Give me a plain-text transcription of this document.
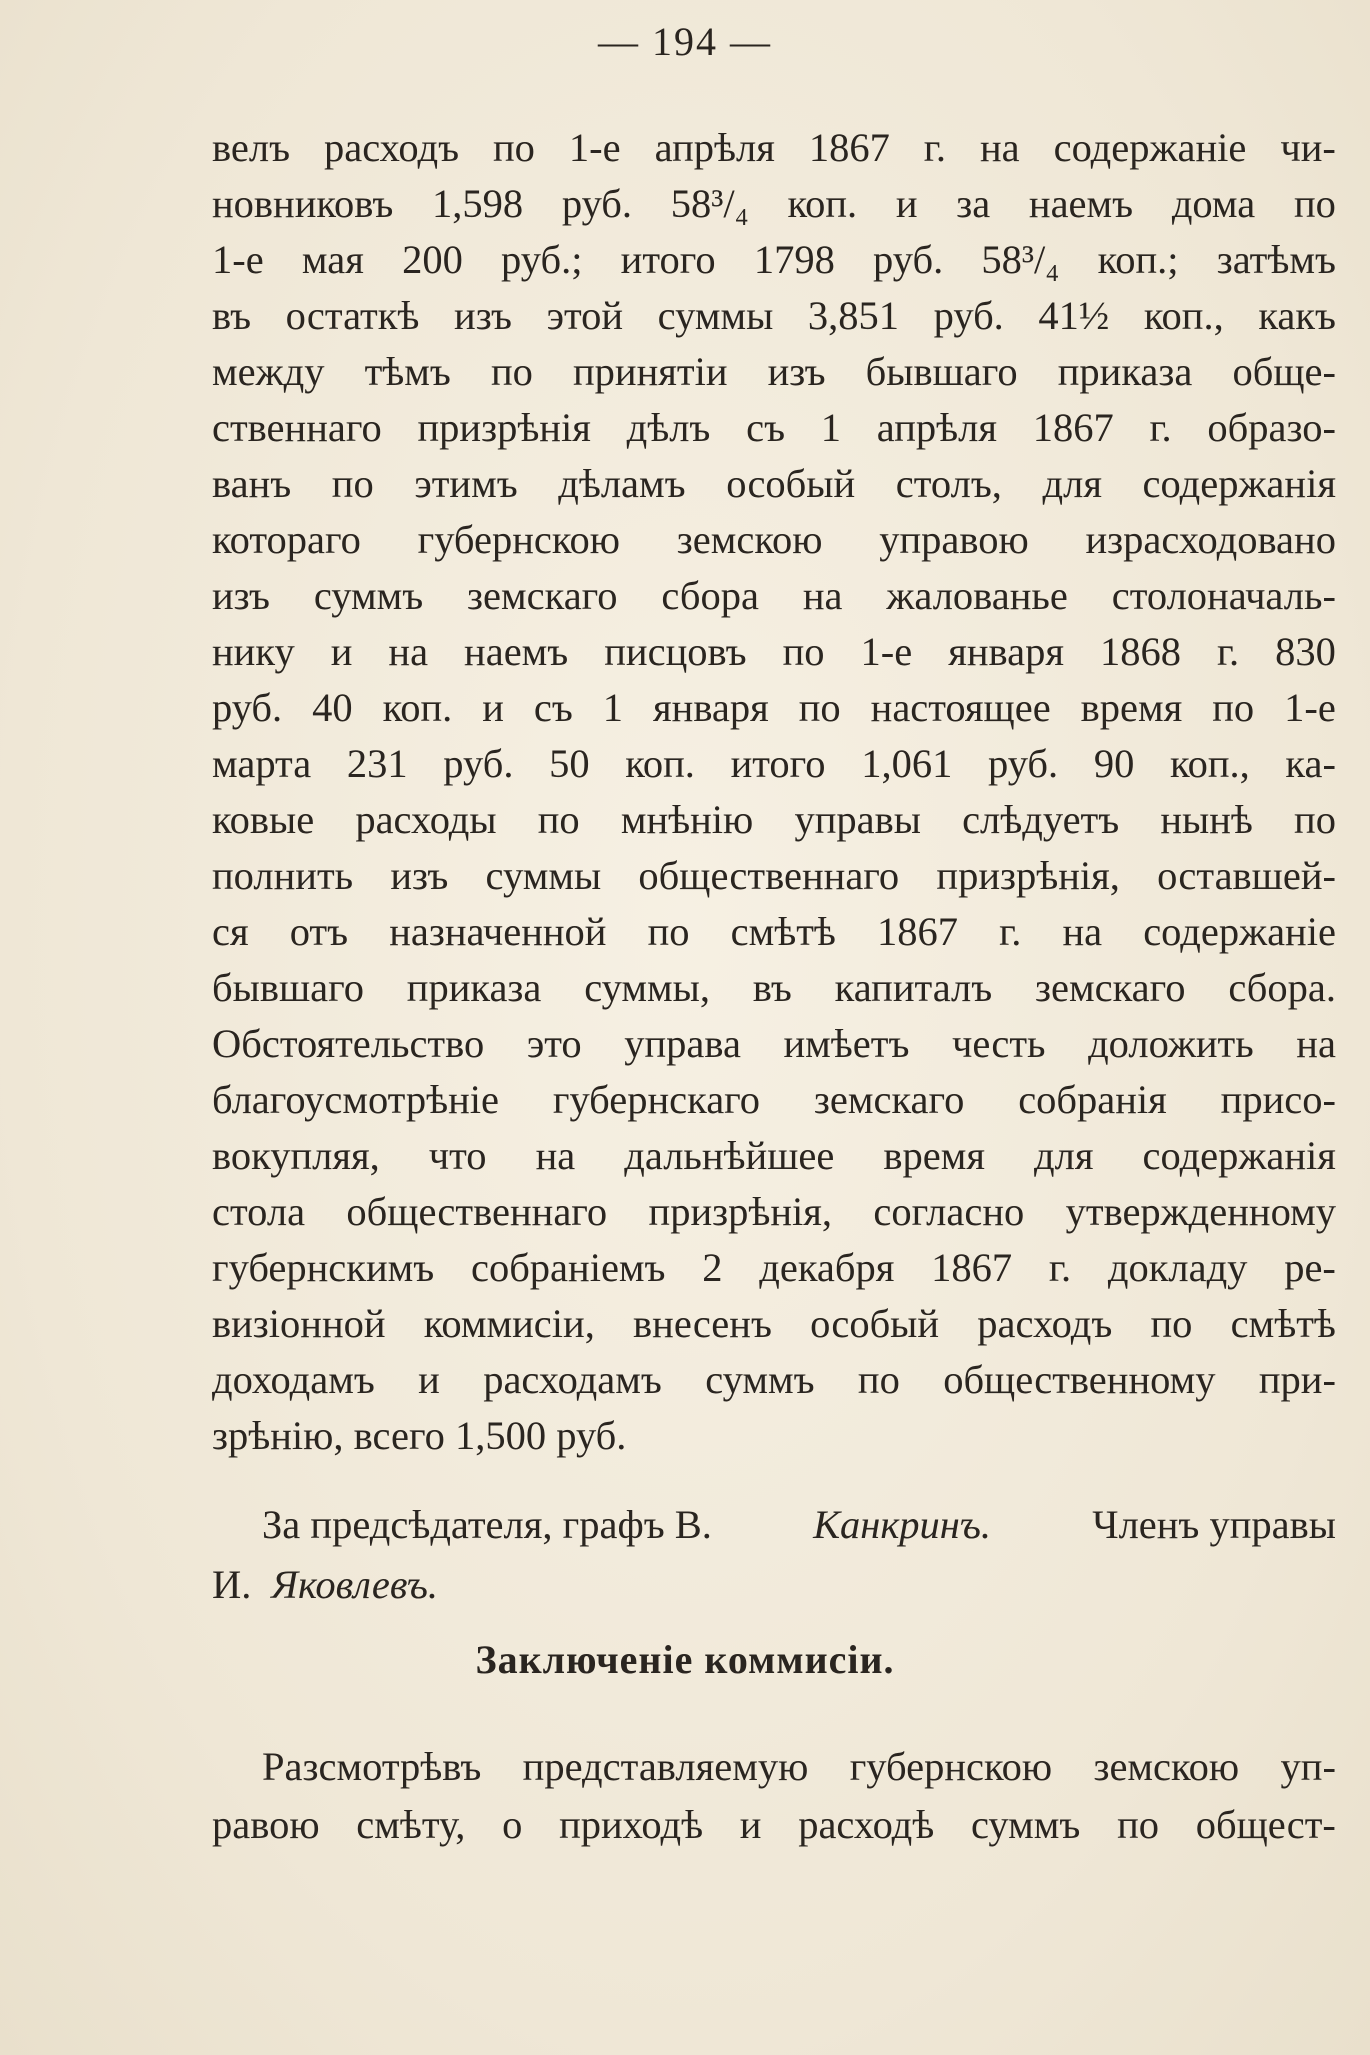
— 194 —
велъ расходъ по 1-е апрѣля 1867 г. на содержанiе чи-
новниковъ 1,598 руб. 58³/₄ коп. и за наемъ дома по
1-е мая 200 руб.; итого 1798 руб. 58³/₄ коп.; затѣмъ
въ остаткѣ изъ этой суммы 3,851 руб. 41½ коп., какъ
между тѣмъ по принятiи изъ бывшаго приказа обще-
ственнаго призрѣнiя дѣлъ съ 1 апрѣля 1867 г. образо-
ванъ по этимъ дѣламъ особый столъ, для содержанiя
котораго губернскою земскою управою израсходовано
изъ суммъ земскаго сбора на жалованье столоначаль-
нику и на наемъ писцовъ по 1-е января 1868 г. 830
руб. 40 коп. и съ 1 января по настоящее время по 1-е
марта 231 руб. 50 коп. итого 1,061 руб. 90 коп., ка-
ковые расходы по мнѣнiю управы слѣдуетъ нынѣ по
полнить изъ суммы общественнаго призрѣнiя, оставшей-
ся отъ назначенной по смѣтѣ 1867 г. на содержанiе
бывшаго приказа суммы, въ капиталъ земскаго сбора.
Обстоятельство это управа имѣетъ честь доложить на
благоусмотрѣнiе губернскаго земскаго собранiя присо-
вокупляя, что на дальнѣйшее время для содержанiя
стола общественнаго призрѣнiя, согласно утвержденному
губернскимъ собранiемъ 2 декабря 1867 г. докладу ре-
визiонной коммисiи, внесенъ особый расходъ по смѣтѣ
доходамъ и расходамъ суммъ по общественному при-
зрѣнiю, всего 1,500 руб.
За предсѣдателя, графъ В. Канкринъ. Членъ управы
И. Яковлевъ.
Заключенiе коммисiи.
Разсмотрѣвъ представляемую губернскою земскою уп-
равою смѣту, о приходѣ и расходѣ суммъ по общест-
